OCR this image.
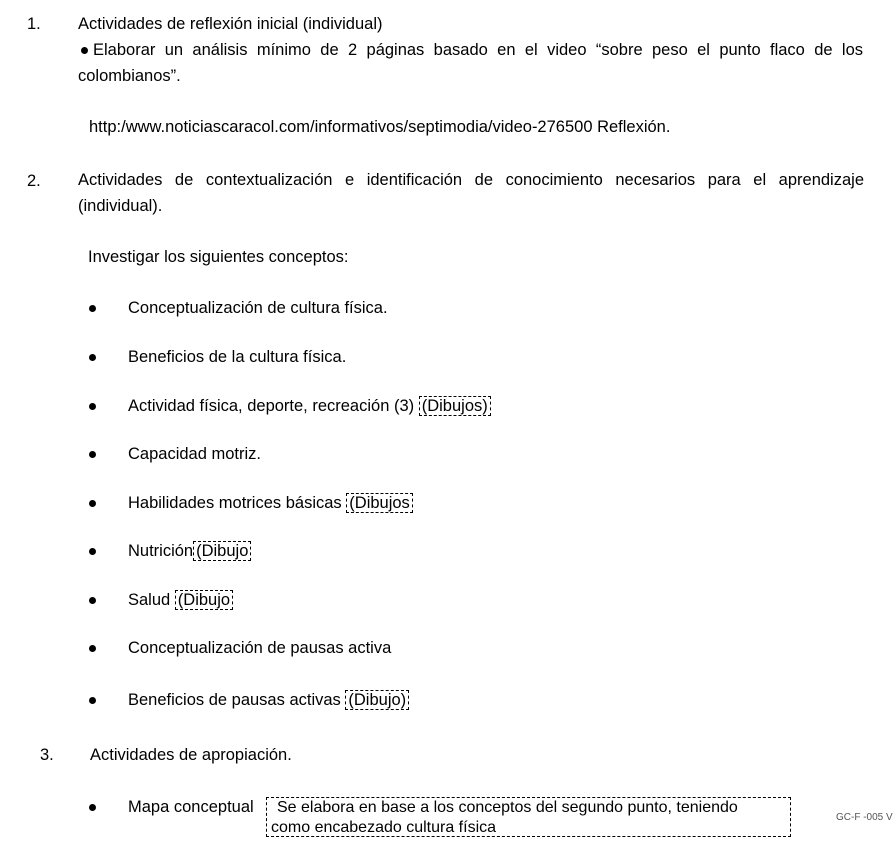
1. Actividades de reflexión inicial (individual)
Elaborar un análisis mínimo de 2 páginas basado en el video “sobre peso el punto flaco de los
colombianos”.
http:/www.noticiascaracol.com/informativos/septimodia/video-276500 Reflexión.
2. Actividades de contextualización e identificación de conocimiento necesarios para el aprendizaje
(individual).
Investigar los siguientes conceptos:
Conceptualización de cultura física.
Beneficios de la cultura física.
Actividad física, deporte, recreación (3) (Dibujos)
Capacidad motriz.
Habilidades motrices básicas (Dibujos
Nutrición (Dibujo
Salud (Dibujo
Conceptualización de pausas activa
Beneficios de pausas activas (Dibujo)
3. Actividades de apropiación.
Mapa conceptual	Se elabora en base a los conceptos del segundo punto, teniendo
como encabezado cultura física
GC-F -005 V
